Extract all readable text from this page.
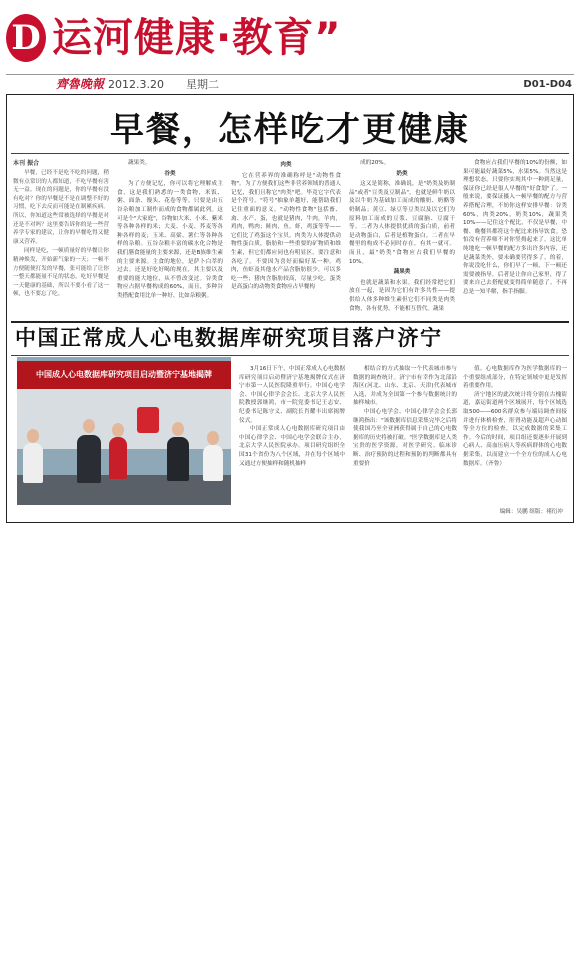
D 运河健康·教育”
齊魯晚報 2012.3.20 星期二	D01-D04
早餐，怎样吃才更健康

本刊 振合

早餐，已经不是吃不吃的问题，稍微有点常识的人都知道，不吃早餐有害无一益。现在的问题是，你的早餐有没有吃对？你的早餐是不是在调整不好的习惯，吃下去反而可能是在制累疾病。所以，你知道这些常被选择的早餐是对还是不对吗？这里要告诉你的是一些营养学专家的建议，让你的早餐吃得又健康又营养。

同样是吃，一顿质量好的早餐让你精神焕发，开始新气象的一天；一顿不方便随便打发的早餐，张可能给了让你一整天都能量不足的状态。吃好早餐是一天健康的基础，所以不要小看了这一顿，也不要忘了吃。

蔬果类。

谷类

为了方便记忆，你可以将它理解成主食，这是我们熟悉的一类食物，米饭、粥、面条、馒头、花卷等等。只要是由五谷杂粮加工制作而成的食物都属此列。这可是个"大家庭"，谷物如大米、小米、紫米等各种各样的米；大麦、小麦、荞麦等各种各样的麦；玉米、高粱、薯仁等各种各样的杂粮。五谷杂粮丰富的碳水化合物是我们膳食能量的主要来源，还是B族维生素的主要来源。主食的地位，是萨卜白萃的过去。还是好吃好喝的现在，其主要以及重要的能大地位，从不曾改变过。谷类食物应占据早餐构成的60%，而且，多种谷类搭配食用比单一种好，比如杂粮粥。

肉类

它在营养界的准确称呼是"动物性食物"。为了方便我们这些非营养领域的普通人记忆，我们且称它"肉类"吧。毕竟它字代表是个符号。"符号"抽象单越好，能帮助我们记住重面的意义。"动物性食物"包括畜、禽、水产、蛋，也就是猪肉，牛肉，羊肉，鸡肉，鸭肉；鲑肉，鱼，虾，鸡蛋等等——它们比了鸡蛋这个宝贝。肉类为人体提供动物性蛋白质，脂肪和一些重要的矿物质和维生素，但它们都应同也有明显区。要注意和各吃了。不要因为喜好而偏好某一种。鸡肉，鱼虾及其他水产品含脂肪很少，可以多吃一些；猪肉含脂肪较高，尽量少吃。蛋类是高蛋白的动物类食物应占早餐构

成的20%。

奶类

这又是简称，准确说，是"奶类及奶制品"或者"豆类及豆制品"，也就是鲜牛奶以及以牛奶为基础加工而成的酸奶、奶酪等奶制品；黄豆、绿豆等豆类以及以它们为原料加工而成的豆浆、豆腐脑、豆腐干等。二者为人体提供优质的蛋白质，前者是动物蛋白，后者是植物蛋白。二者在早餐里的构成不必同时存在，有其一就可。而且，最"奶类"食物应占我们早餐的10%。

蔬果类

也就是蔬菜和水果。我们经常把它们放在一起，是因为它们有许多共性——提供给人体多种维生素但它们不同类是肉类食物，各有优势，不能相互替代。蔬果

食物应占我们早餐的10%的份额，如果可能最好蔬菜5%，水果5%。当然这是理想状态，只要你实现其中一种到足量，保证你已经是很人早餐的"好食划"了。一般来说，要保证摄入一顿早餐的配方与营养搭配合理，不妨你这样安排早餐：谷类60%，肉类20%，奶类10%，蔬果类10%——记住这个配比，不仅是早餐，中餐、晚餐其都符这个配比来指导饮食。恐怕没有营养师不对你竖拇起来了。这比单纯地吃一顿早餐的配方多出许多内容，还是蔬菜类外，要未确要营得多了。的着，你说没吃什么，你们早了一顿，下一顿还需要被指导，后者是让你自己家里，得了要来自己去搭配就变得简单随意了。不再总是一知半解，指手指脚。

中国正常成人心电数据库研究项目落户济宁
中国成人心电数据库研究项目启动暨济宁基地揭牌

3月16日下午，中国正常成人心电数据库研究项目启动暨济宁基地揭牌仪式在济宁市第一人民医院隆重举行。中国心电学会、中国心律学会会长、北京大学人民医院教授郭继鸿，市一院党委书记王志安、纪委书记陈守义、副院长肖耀丰出席揭牌仪式。

中国正常成人心电数据库研究项目由中国心律学会、中国心电学会联合主办，北京大学人民医院承办。项目研究组织全国31个省份为八个区域，并在每个区域中又通过方便抽样和随机抽样

相结合的方式抽取一个代表城市参与数据的调查统计。济宁市有幸作为北部沿海区(河北、山东、北京、天津)代表城市入选，并成为全国第一个参与数据统计的抽样城市。

中国心电学会、中国心律学会会长郭继鸿指出："该数据库信息采集完毕之后将使我国乃至全亚洲获得属于自己的心电数据库的历史将被打破。"医学数据库是人类宝贵的医学资源，对医学研究、临床诊断、治疗预防的过程和预防的判断都具有重要价

值。心电数据库作为医学数据库的一个重要组成部分，在特定领域中更是发挥着重要作用。

济宁地区的此次统计将分别在古槐街道，嘉运街道两个区域展开，每个区域选取500——600名群众参与端局调查间接并进行体格检查，肝肾功能及超声心动图等全方位的检查，以完成数据的采集工作。今后的时间，项目组还要逐步开展到心病人、高血压病人等疾病群体的心电数据采集，以而建立一个全方位的成人心电数据库。（齐鲁）

编辑：吴鹏 组版：褚衍冲
